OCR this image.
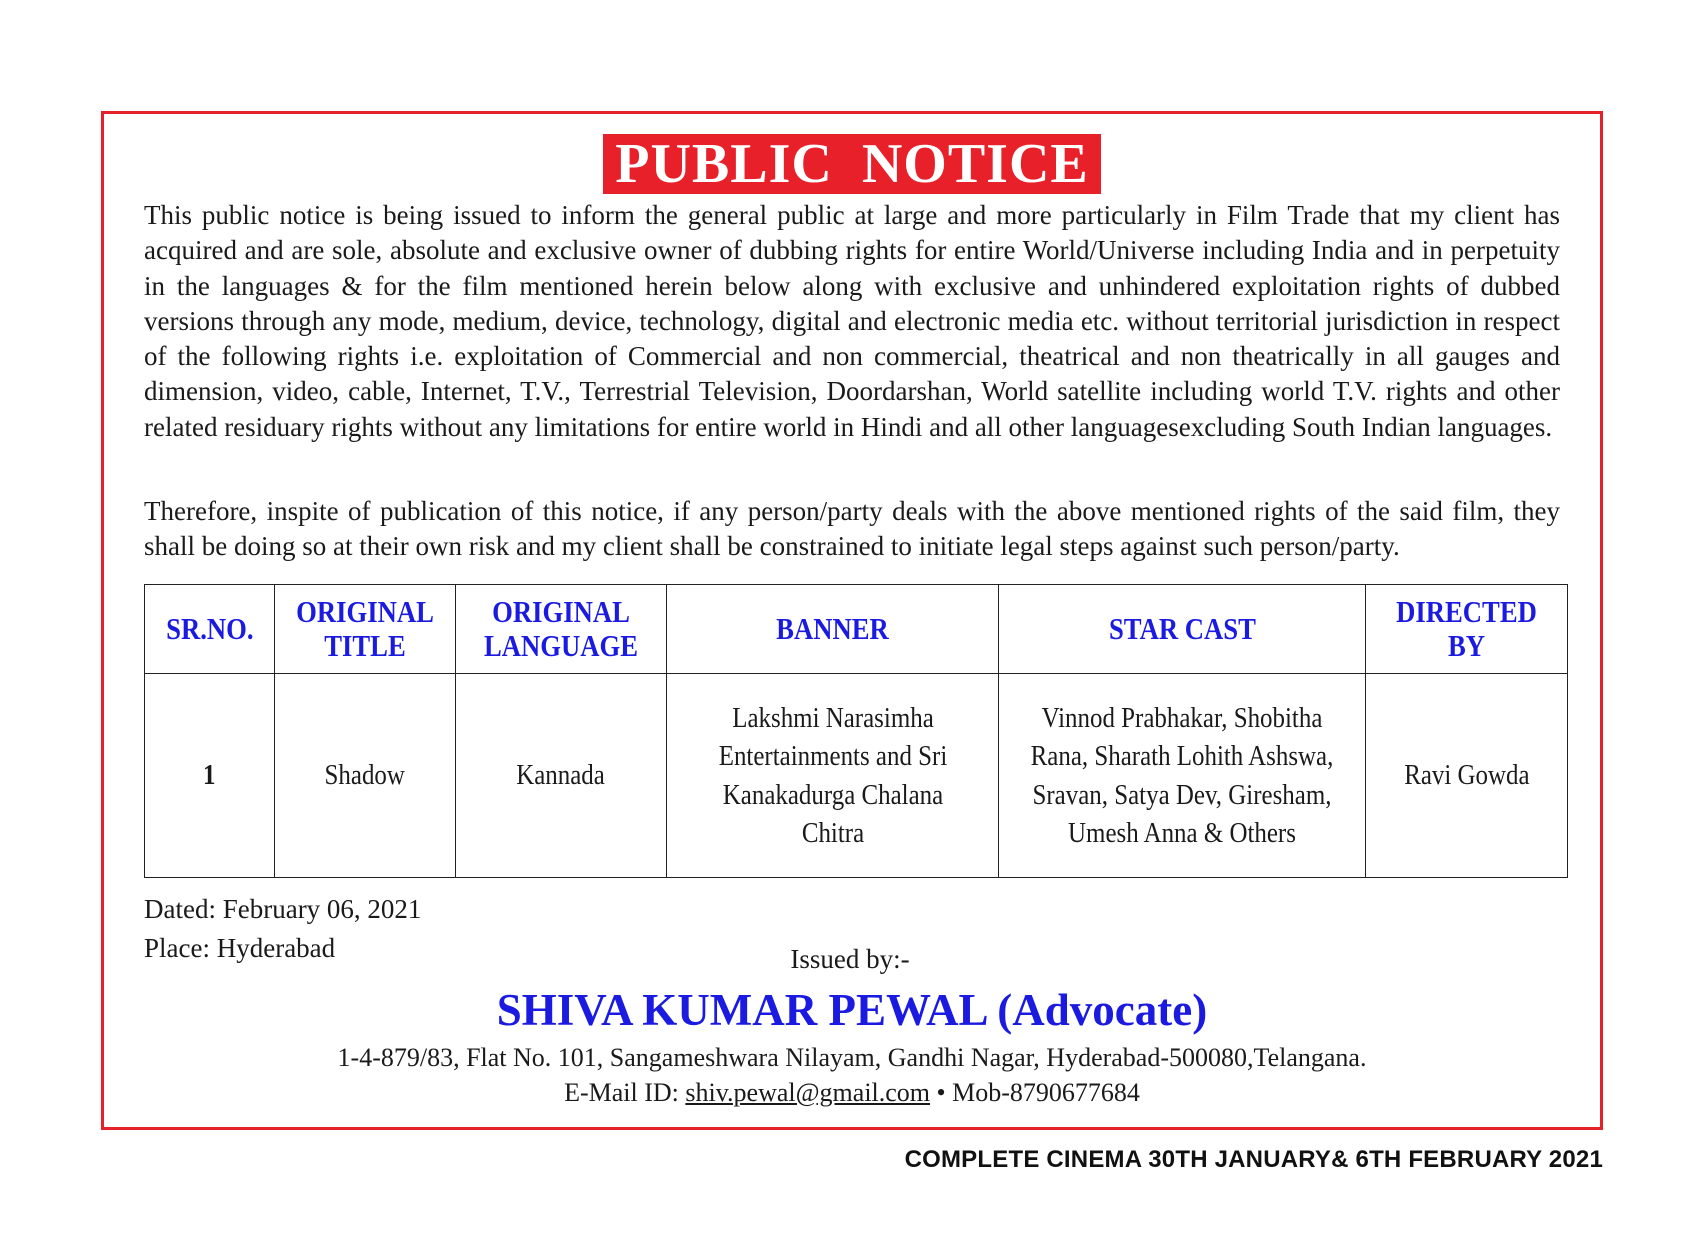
PUBLIC NOTICE

This public notice is being issued to inform the general public at large and more particularly in Film Trade that my client has acquired and are sole, absolute and exclusive owner of dubbing rights for entire World/Universe including India and in perpetuity in the languages & for the film mentioned herein below along with exclusive and unhindered exploitation rights of dubbed versions through any mode, medium, device, technology, digital and electronic media etc. without territorial jurisdiction in respect of the following rights i.e. exploitation of Commercial and non commercial, theatrical and non theatrically in all gauges and dimension, video, cable, Internet, T.V., Terrestrial Television, Doordarshan, World satellite including world T.V. rights and other related residuary rights without any limitations for entire world in Hindi and all other languagesexcluding South Indian languages.

Therefore, inspite of publication of this notice, if any person/party deals with the above mentioned rights of the said film, they shall be doing so at their own risk and my client shall be constrained to initiate legal steps against such person/party.

SR.NO.	ORIGINAL TITLE	ORIGINAL LANGUAGE	BANNER	STAR CAST	DIRECTED BY
1	Shadow	Kannada	Lakshmi Narasimha Entertainments and Sri Kanakadurga Chalana Chitra	Vinnod Prabhakar, Shobitha Rana, Sharath Lohith Ashswa, Sravan, Satya Dev, Giresham, Umesh Anna & Others	Ravi Gowda
Dated: February 06, 2021
Place: Hyderabad	Issued by:-
SHIVA KUMAR PEWAL (Advocate)
1-4-879/83, Flat No. 101, Sangameshwara Nilayam, Gandhi Nagar, Hyderabad-500080,Telangana.
E-Mail ID: shiv.pewal@gmail.com • Mob-8790677684
COMPLETE CINEMA 30TH JANUARY& 6TH FEBRUARY 2021
